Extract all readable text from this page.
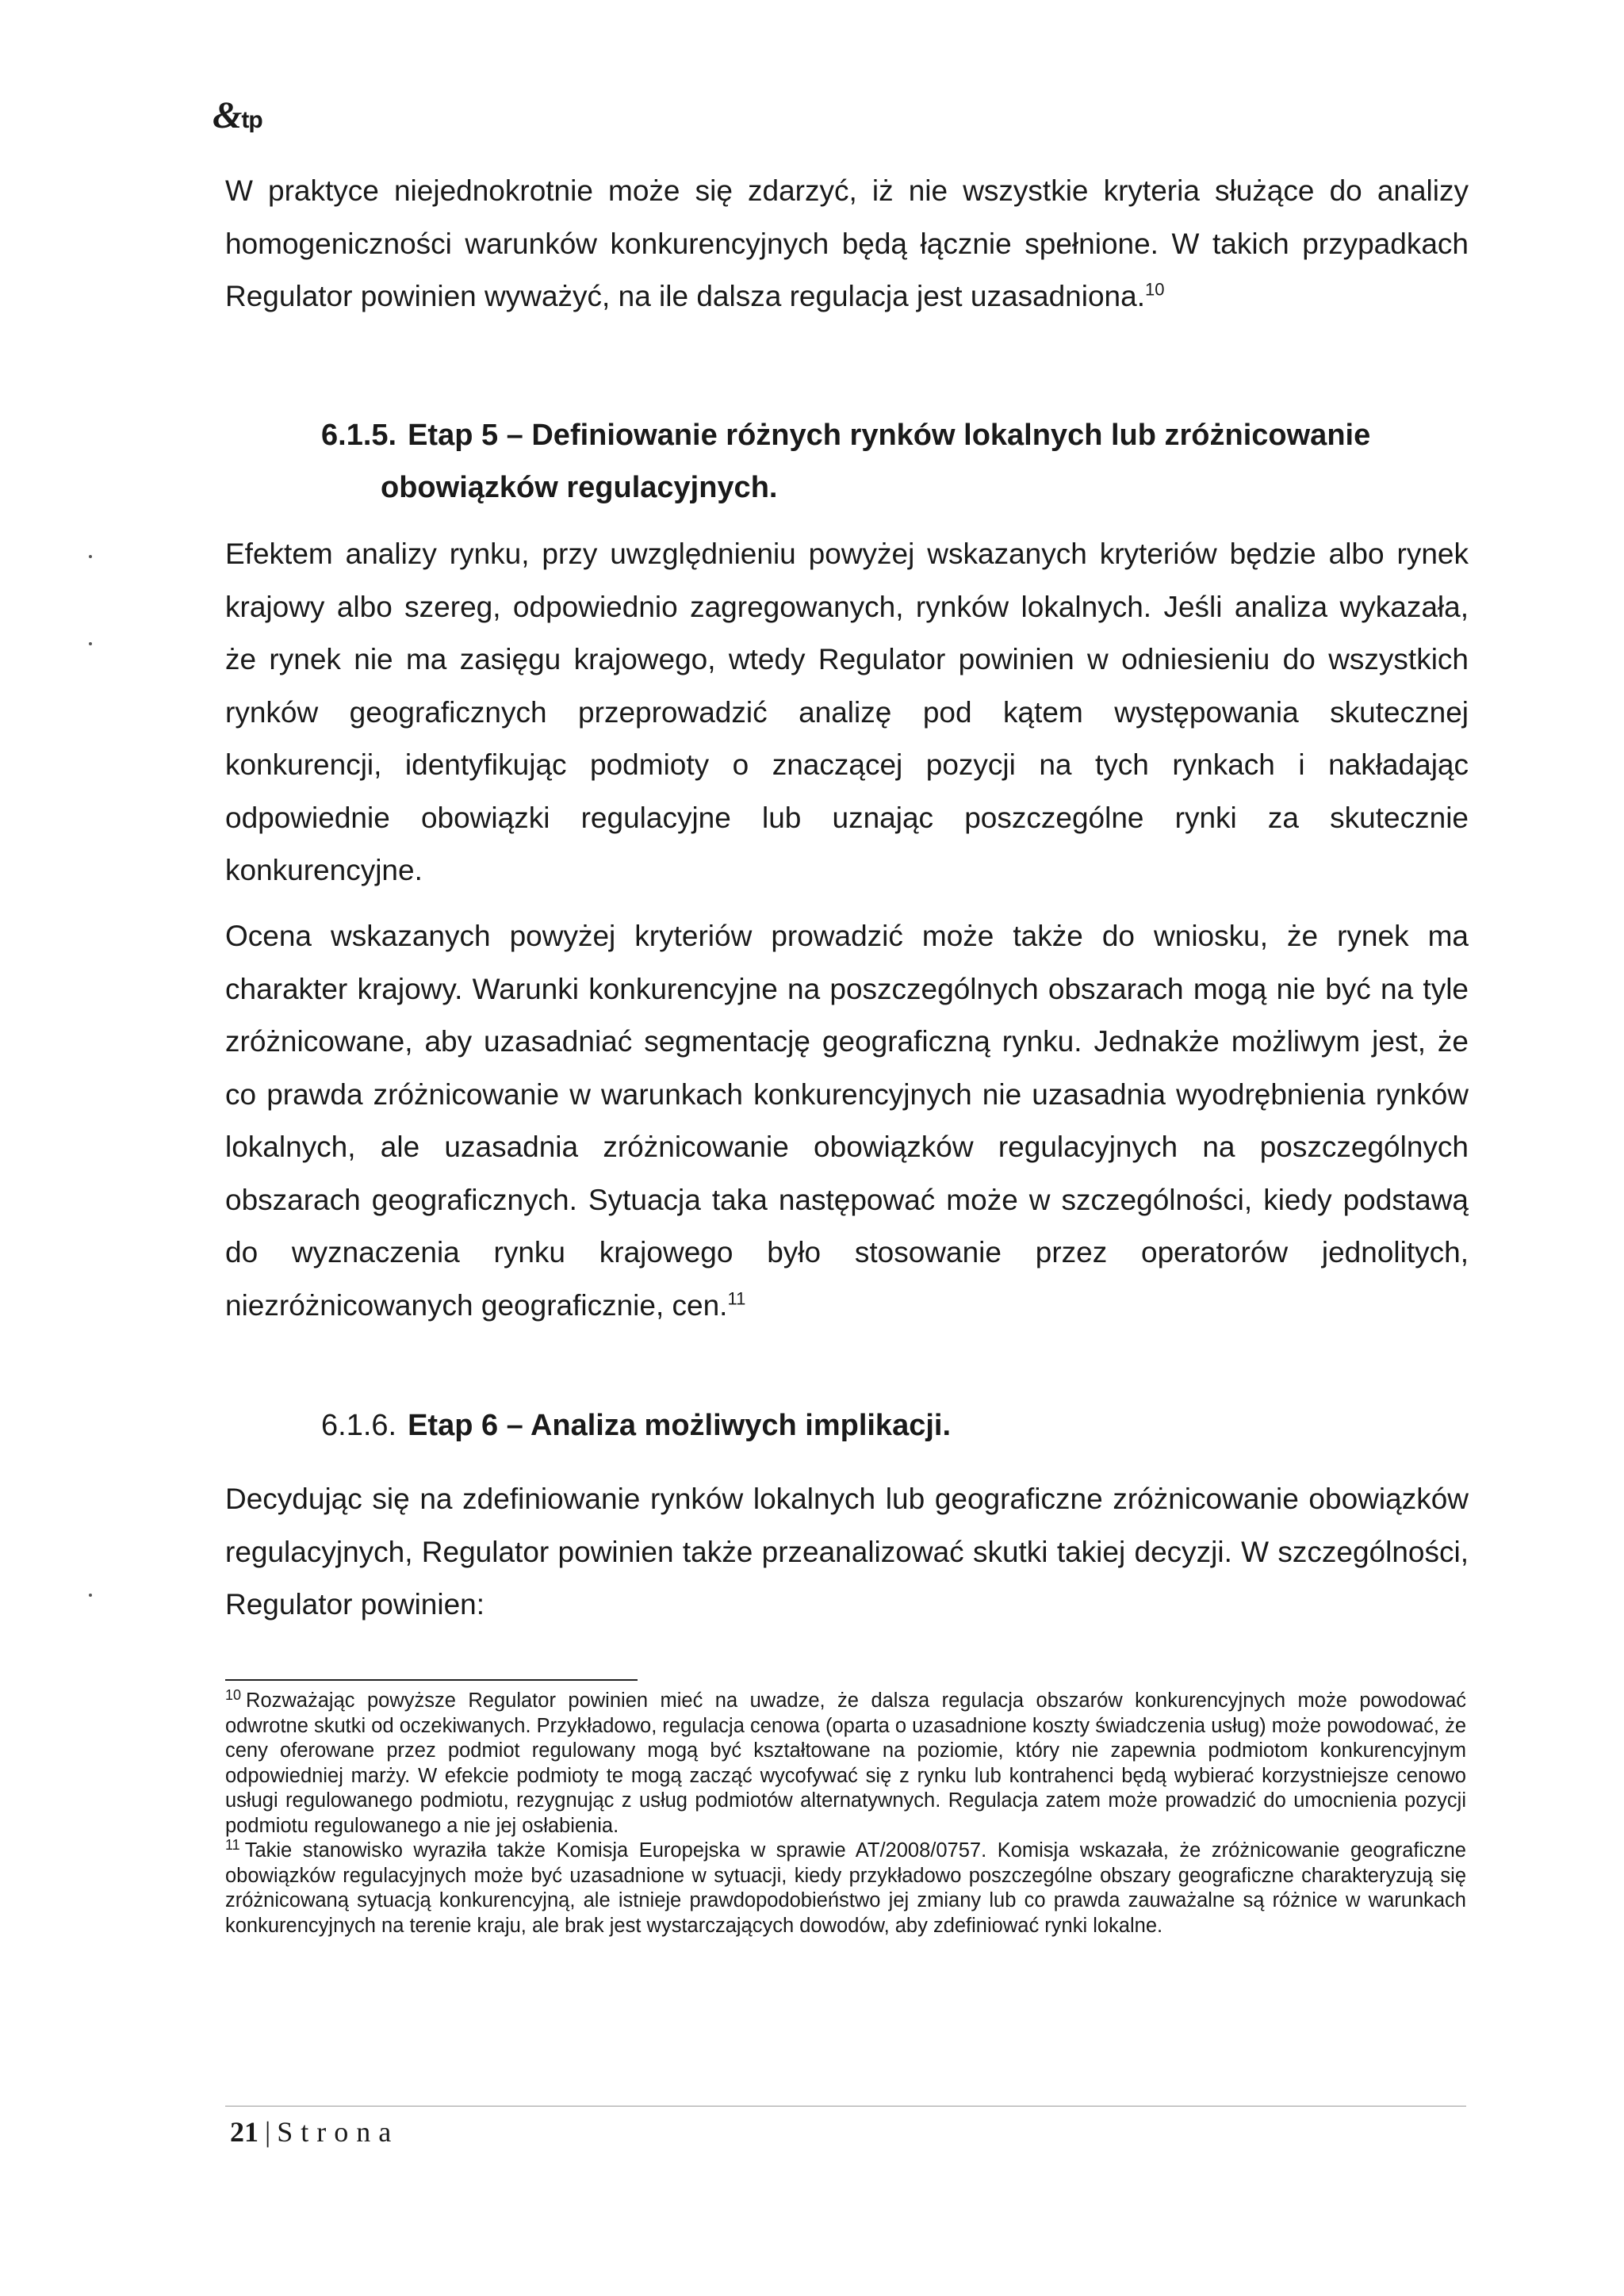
&tp

W praktyce niejednokrotnie może się zdarzyć, iż nie wszystkie kryteria służące do analizy homogeniczności warunków konkurencyjnych będą łącznie spełnione. W takich przypadkach Regulator powinien wyważyć, na ile dalsza regulacja jest uzasadniona.$^{10}$

6.1.5. Etap 5 – Definiowanie różnych rynków lokalnych lub zróżnicowanie
obowiązków regulacyjnych.

Efektem analizy rynku, przy uwzględnieniu powyżej wskazanych kryteriów będzie albo rynek krajowy albo szereg, odpowiednio zagregowanych, rynków lokalnych. Jeśli analiza wykazała, że rynek nie ma zasięgu krajowego, wtedy Regulator powinien w odniesieniu do wszystkich rynków geograficznych przeprowadzić analizę pod kątem występowania skutecznej konkurencji, identyfikując podmioty o znaczącej pozycji na tych rynkach i nakładając odpowiednie obowiązki regulacyjne lub uznając poszczególne rynki za skutecznie konkurencyjne.

Ocena wskazanych powyżej kryteriów prowadzić może także do wniosku, że rynek ma charakter krajowy. Warunki konkurencyjne na poszczególnych obszarach mogą nie być na tyle zróżnicowane, aby uzasadniać segmentację geograficzną rynku. Jednakże możliwym jest, że co prawda zróżnicowanie w warunkach konkurencyjnych nie uzasadnia wyodrębnienia rynków lokalnych, ale uzasadnia zróżnicowanie obowiązków regulacyjnych na poszczególnych obszarach geograficznych. Sytuacja taka następować może w szczególności, kiedy podstawą do wyznaczenia rynku krajowego było stosowanie przez operatorów jednolitych, niezróżnicowanych geograficznie, cen.$^{11}$

6.1.6. Etap 6 – Analiza możliwych implikacji.

Decydując się na zdefiniowanie rynków lokalnych lub geograficzne zróżnicowanie obowiązków regulacyjnych, Regulator powinien także przeanalizować skutki takiej decyzji. W szczególności, Regulator powinien:

$^{10}$ Rozważając powyższe Regulator powinien mieć na uwadze, że dalsza regulacja obszarów konkurencyjnych może powodować odwrotne skutki od oczekiwanych. Przykładowo, regulacja cenowa (oparta o uzasadnione koszty świadczenia usług) może powodować, że ceny oferowane przez podmiot regulowany mogą być kształtowane na poziomie, który nie zapewnia podmiotom konkurencyjnym odpowiedniej marży. W efekcie podmioty te mogą zacząć wycofywać się z rynku lub kontrahenci będą wybierać korzystniejsze cenowo usługi regulowanego podmiotu, rezygnując z usług podmiotów alternatywnych. Regulacja zatem może prowadzić do umocnienia pozycji podmiotu regulowanego a nie jej osłabienia.

$^{11}$ Takie stanowisko wyraziła także Komisja Europejska w sprawie AT/2008/0757. Komisja wskazała, że zróżnicowanie geograficzne obowiązków regulacyjnych może być uzasadnione w sytuacji, kiedy przykładowo poszczególne obszary geograficzne charakteryzują się zróżnicowaną sytuacją konkurencyjną, ale istnieje prawdopodobieństwo jej zmiany lub co prawda zauważalne są różnice w warunkach konkurencyjnych na terenie kraju, ale brak jest wystarczających dowodów, aby zdefiniować rynki lokalne.

21 | Strona
